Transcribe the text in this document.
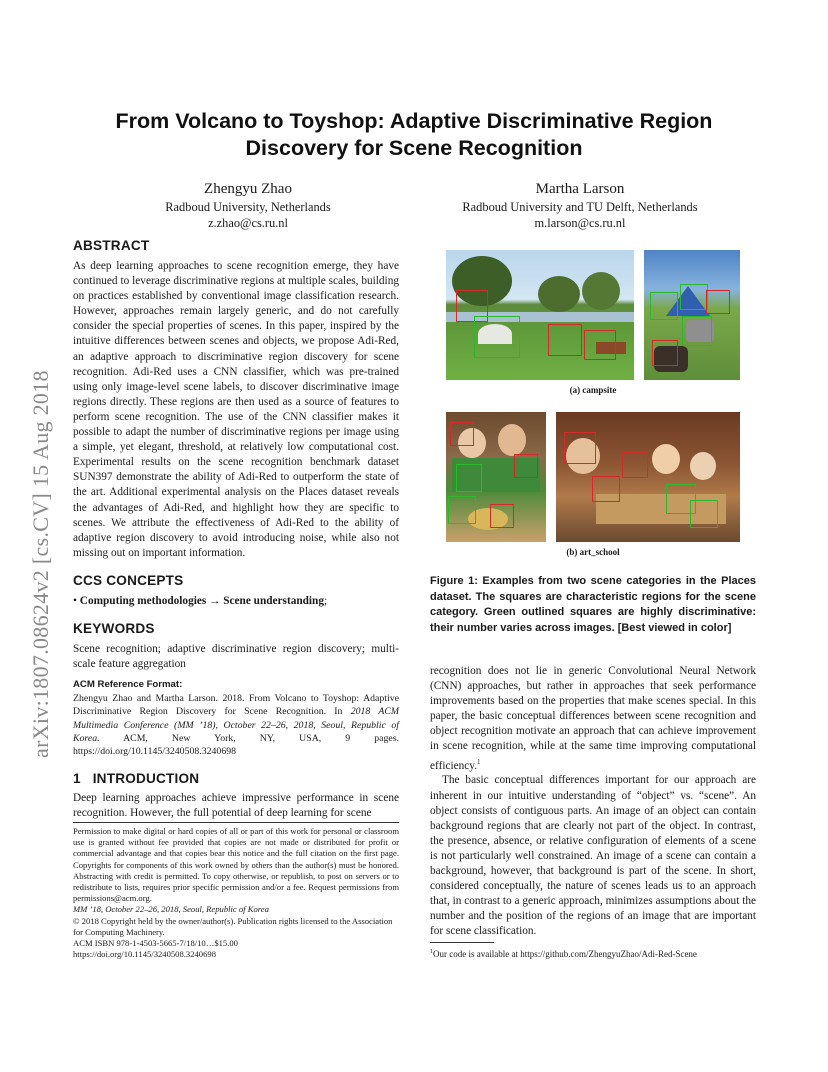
arXiv:1807.08624v2 [cs.CV] 15 Aug 2018
From Volcano to Toyshop: Adaptive Discriminative Region
Discovery for Scene Recognition
Zhengyu Zhao
Radboud University, Netherlands
z.zhao@cs.ru.nl
Martha Larson
Radboud University and TU Delft, Netherlands
m.larson@cs.ru.nl
ABSTRACT

As deep learning approaches to scene recognition emerge, they have continued to leverage discriminative regions at multiple scales, building on practices established by conventional image classification research. However, approaches remain largely generic, and do not carefully consider the special properties of scenes. In this paper, inspired by the intuitive differences between scenes and objects, we propose Adi-Red, an adaptive approach to discriminative region discovery for scene recognition. Adi-Red uses a CNN classifier, which was pre-trained using only image-level scene labels, to discover discriminative image regions directly. These regions are then used as a source of features to perform scene recognition. The use of the CNN classifier makes it possible to adapt the number of discriminative regions per image using a simple, yet elegant, threshold, at relatively low computational cost. Experimental results on the scene recognition benchmark dataset SUN397 demonstrate the ability of Adi-Red to outperform the state of the art. Additional experimental analysis on the Places dataset reveals the advantages of Adi-Red, and highlight how they are specific to scenes. We attribute the effectiveness of Adi-Red to the ability of adaptive region discovery to avoid introducing noise, while also not missing out on important information.

CCS CONCEPTS

• Computing methodologies → Scene understanding;

KEYWORDS

Scene recognition; adaptive discriminative region discovery; multi-scale feature aggregation

ACM Reference Format:

Zhengyu Zhao and Martha Larson. 2018. From Volcano to Toyshop: Adaptive Discriminative Region Discovery for Scene Recognition. In 2018 ACM Multimedia Conference (MM ’18), October 22–26, 2018, Seoul, Republic of Korea. ACM, New York, NY, USA, 9 pages. https://doi.org/10.1145/3240508.3240698

1 INTRODUCTION

Deep learning approaches achieve impressive performance in scene recognition. However, the full potential of deep learning for scene

Permission to make digital or hard copies of all or part of this work for personal or classroom use is granted without fee provided that copies are not made or distributed for profit or commercial advantage and that copies bear this notice and the full citation on the first page. Copyrights for components of this work owned by others than the author(s) must be honored. Abstracting with credit is permitted. To copy otherwise, or republish, to post on servers or to redistribute to lists, requires prior specific permission and/or a fee. Request permissions from permissions@acm.org.

MM ’18, October 22–26, 2018, Seoul, Republic of Korea

© 2018 Copyright held by the owner/author(s). Publication rights licensed to the Association for Computing Machinery.

ACM ISBN 978-1-4503-5665-7/18/10…$15.00

https://doi.org/10.1145/3240508.3240698

(a) campsite
(b) art_school
Figure 1: Examples from two scene categories in the Places dataset. The squares are characteristic regions for the scene category. Green outlined squares are highly discriminative: their number varies across images. [Best viewed in color]

recognition does not lie in generic Convolutional Neural Network (CNN) approaches, but rather in approaches that seek performance improvements based on the properties that make scenes special. In this paper, the basic conceptual differences between scene recognition and object recognition motivate an approach that can achieve improvement in scene recognition, while at the same time improving computational efficiency.$^1$

The basic conceptual differences important for our approach are inherent in our intuitive understanding of “object” vs. “scene”. An object consists of contiguous parts. An image of an object can contain background regions that are clearly not part of the object. In contrast, the presence, absence, or relative configuration of elements of a scene is not particularly well constrained. An image of a scene can contain a background, however, that background is part of the scene. In short, considered conceptually, the nature of scenes leads us to an approach that, in contrast to a generic approach, minimizes assumptions about the number and the position of the regions of an image that are important for scene classification.

$^1$Our code is available at https://github.com/ZhengyuZhao/Adi-Red-Scene
